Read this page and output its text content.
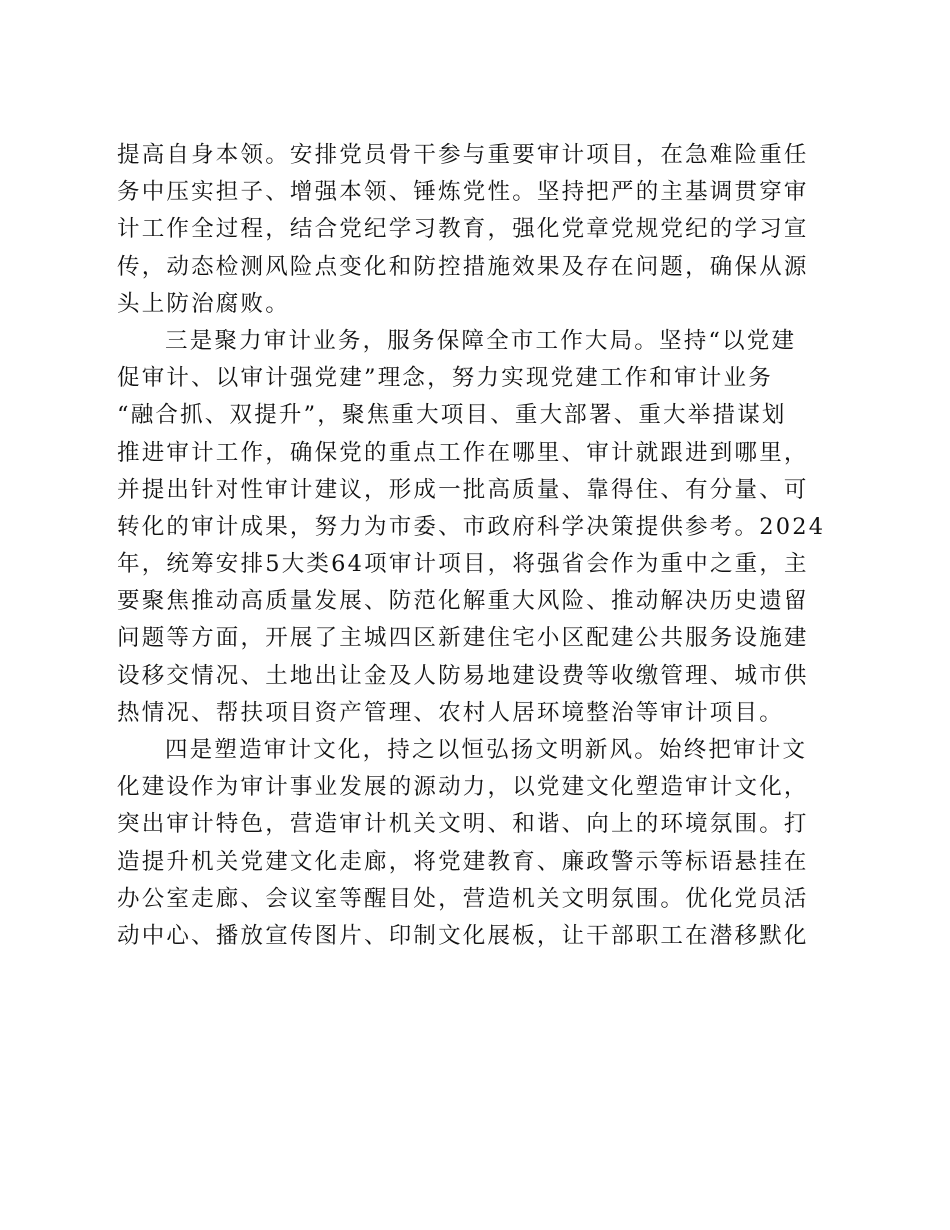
提高自身本领。安排党员骨干参与重要审计项目，在急难险重任
务中压实担子、增强本领、锤炼党性。坚持把严的主基调贯穿审
计工作全过程，结合党纪学习教育，强化党章党规党纪的学习宣
传，动态检测风险点变化和防控措施效果及存在问题，确保从源
头上防治腐败。
三是聚力审计业务，服务保障全市工作大局。坚持“以党建
促审计、以审计强党建”理念，努力实现党建工作和审计业务
“融合抓、双提升”，聚焦重大项目、重大部署、重大举措谋划
推进审计工作，确保党的重点工作在哪里、审计就跟进到哪里，
并提出针对性审计建议，形成一批高质量、靠得住、有分量、可
转化的审计成果，努力为市委、市政府科学决策提供参考。2024
年，统筹安排5大类64项审计项目，将强省会作为重中之重，主
要聚焦推动高质量发展、防范化解重大风险、推动解决历史遗留
问题等方面，开展了主城四区新建住宅小区配建公共服务设施建
设移交情况、土地出让金及人防易地建设费等收缴管理、城市供
热情况、帮扶项目资产管理、农村人居环境整治等审计项目。
四是塑造审计文化，持之以恒弘扬文明新风。始终把审计文
化建设作为审计事业发展的源动力，以党建文化塑造审计文化，
突出审计特色，营造审计机关文明、和谐、向上的环境氛围。打
造提升机关党建文化走廊，将党建教育、廉政警示等标语悬挂在
办公室走廊、会议室等醒目处，营造机关文明氛围。优化党员活
动中心、播放宣传图片、印制文化展板，让干部职工在潜移默化
